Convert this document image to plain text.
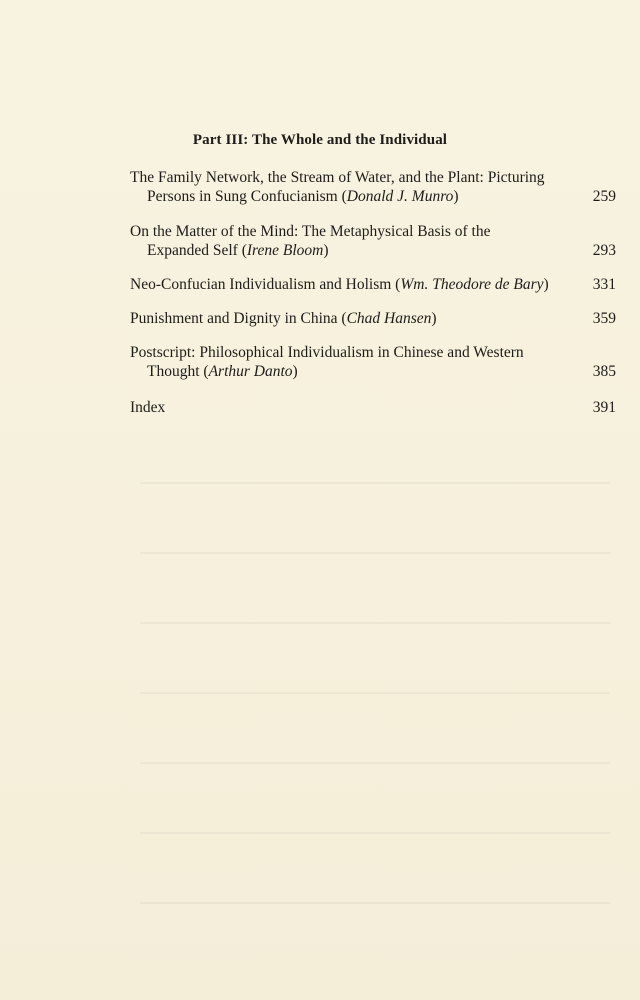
Part III: The Whole and the Individual
The Family Network, the Stream of Water, and the Plant: Picturing
Persons in Sung Confucianism (Donald J. Munro)	259
On the Matter of the Mind: The Metaphysical Basis of the
Expanded Self (Irene Bloom)	293
Neo-Confucian Individualism and Holism (Wm. Theodore de Bary)	331
Punishment and Dignity in China (Chad Hansen)	359
Postscript: Philosophical Individualism in Chinese and Western
Thought (Arthur Danto)	385
Index	391
